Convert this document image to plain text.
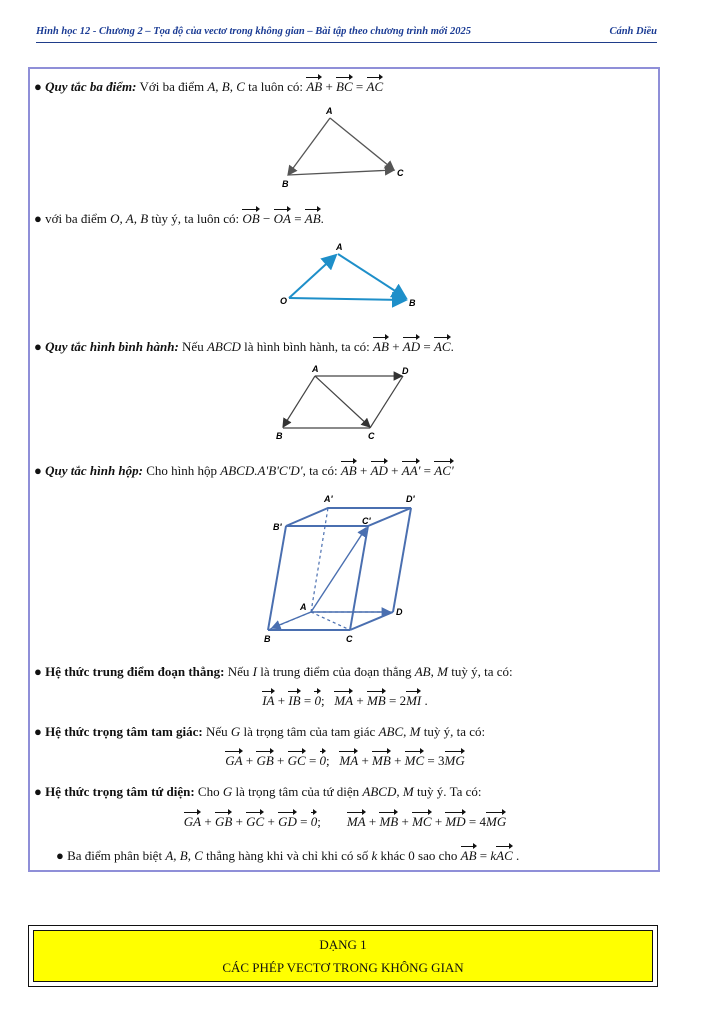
Hình học 12 - Chương 2 – Tọa độ của vectơ trong không gian – Bài tập theo chương trình mới 2025	Cánh Diều
● Quy tắc ba điểm: Với ba điểm A, B, C ta luôn có: AB + BC = AC
A
B
C
● với ba điểm O, A, B tùy ý, ta luôn có: OB − OA = AB.
A
O	B
● Quy tắc hình bình hành: Nếu ABCD là hình bình hành, ta có: AB + AD = AC.
A	D
B	C
● Quy tắc hình hộp: Cho hình hộp ABCD.A'B'C'D', ta có: AB + AD + AA' = AC'
A'	D'
B'
C'
A	D
B	C
● Hệ thức trung điểm đoạn thẳng: Nếu I là trung điểm của đoạn thẳng AB, M tuỳ ý, ta có:
IA + IB = 0;   MA + MB = 2MI .
● Hệ thức trọng tâm tam giác: Nếu G là trọng tâm của tam giác ABC, M tuỳ ý, ta có:
GA + GB + GC = 0;   MA + MB + MC = 3MG
● Hệ thức trọng tâm tứ diện: Cho G là trọng tâm của tứ diện ABCD, M tuỳ ý. Ta có:
GA + GB + GC + GD = 0;        MA + MB + MC + MD = 4MG
● Ba điểm phân biệt A, B, C thẳng hàng khi và chỉ khi có số k khác 0 sao cho AB = kAC .
DẠNG 1
CÁC PHÉP VECTƠ TRONG KHÔNG GIAN
